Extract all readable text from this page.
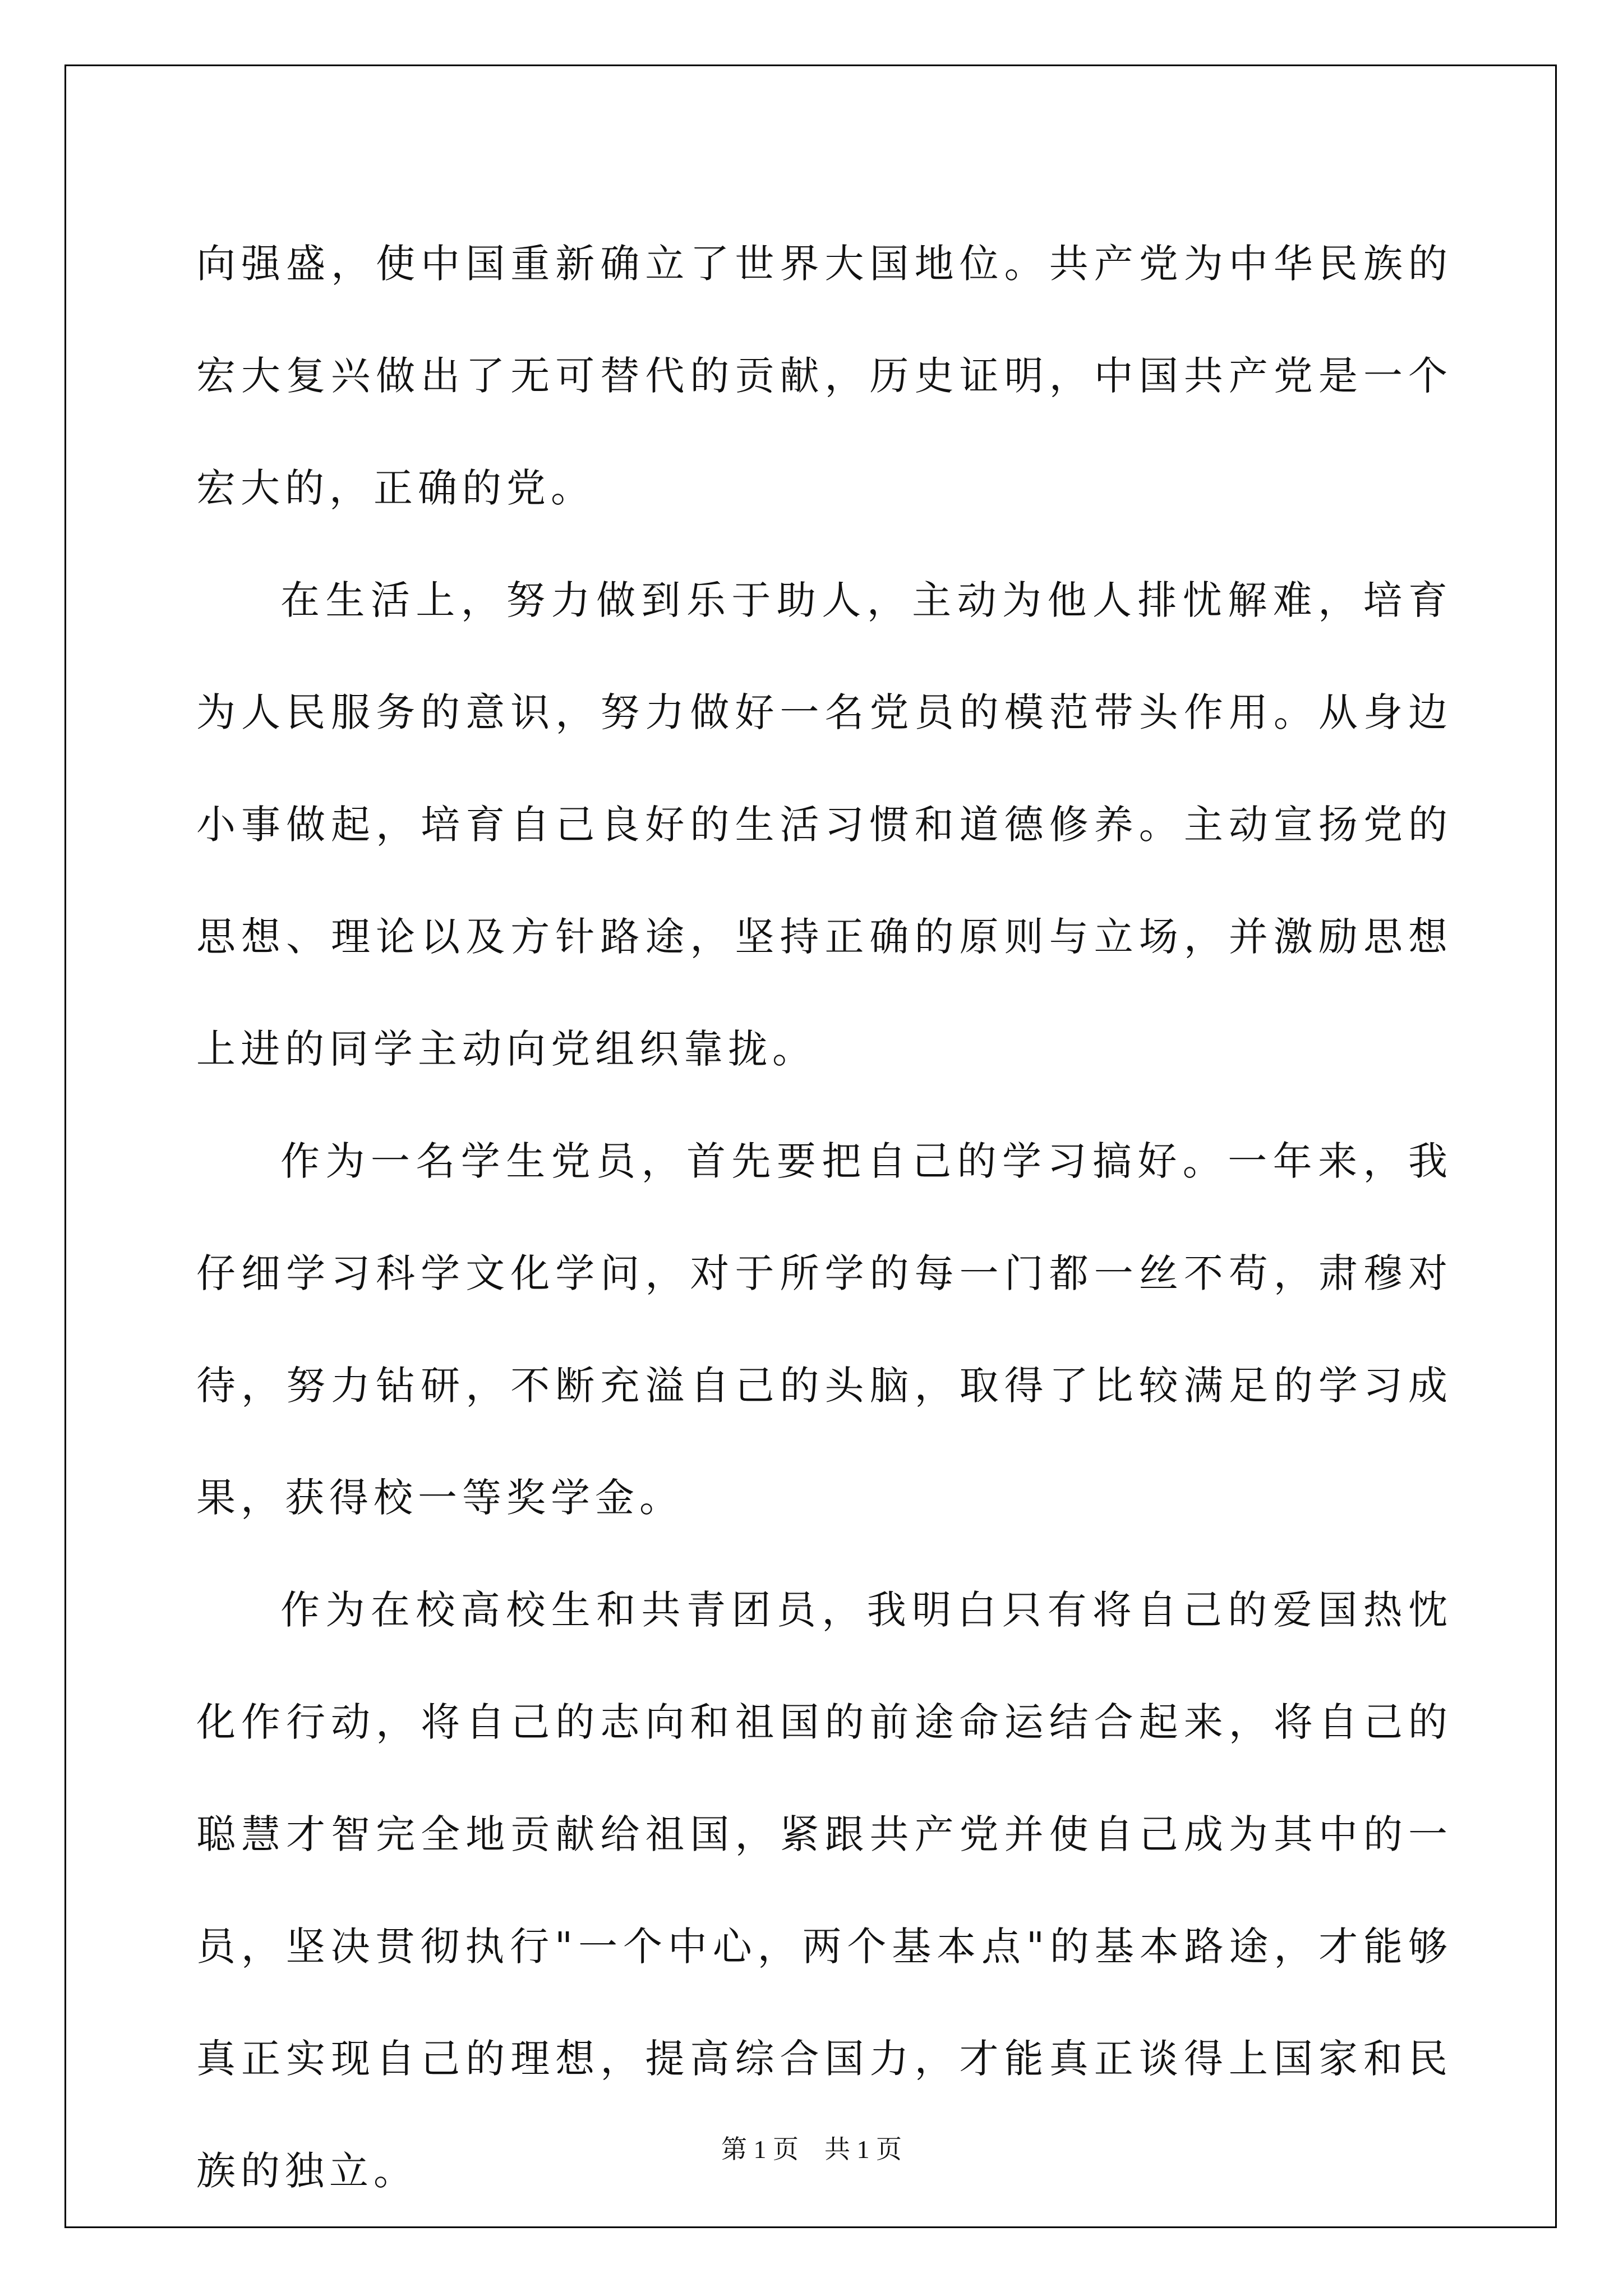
向强盛，使中国重新确立了世界大国地位。共产党为中华民族的宏大复兴做出了无可替代的贡献，历史证明，中国共产党是一个宏大的，正确的党。

在生活上，努力做到乐于助人，主动为他人排忧解难，培育为人民服务的意识，努力做好一名党员的模范带头作用。从身边小事做起，培育自己良好的生活习惯和道德修养。主动宣扬党的思想、理论以及方针路途，坚持正确的原则与立场，并激励思想上进的同学主动向党组织靠拢。

作为一名学生党员，首先要把自己的学习搞好。一年来，我仔细学习科学文化学问，对于所学的每一门都一丝不苟，肃穆对待，努力钻研，不断充溢自己的头脑，取得了比较满足的学习成果，获得校一等奖学金。

作为在校高校生和共青团员，我明白只有将自己的爱国热忱化作行动，将自己的志向和祖国的前途命运结合起来，将自己的聪慧才智完全地贡献给祖国，紧跟共产党并使自己成为其中的一员，坚决贯彻执行"一个中心，两个基本点"的基本路途，才能够真正实现自己的理想，提高综合国力，才能真正谈得上国家和民族的独立。	第 1 页    共 1 页
